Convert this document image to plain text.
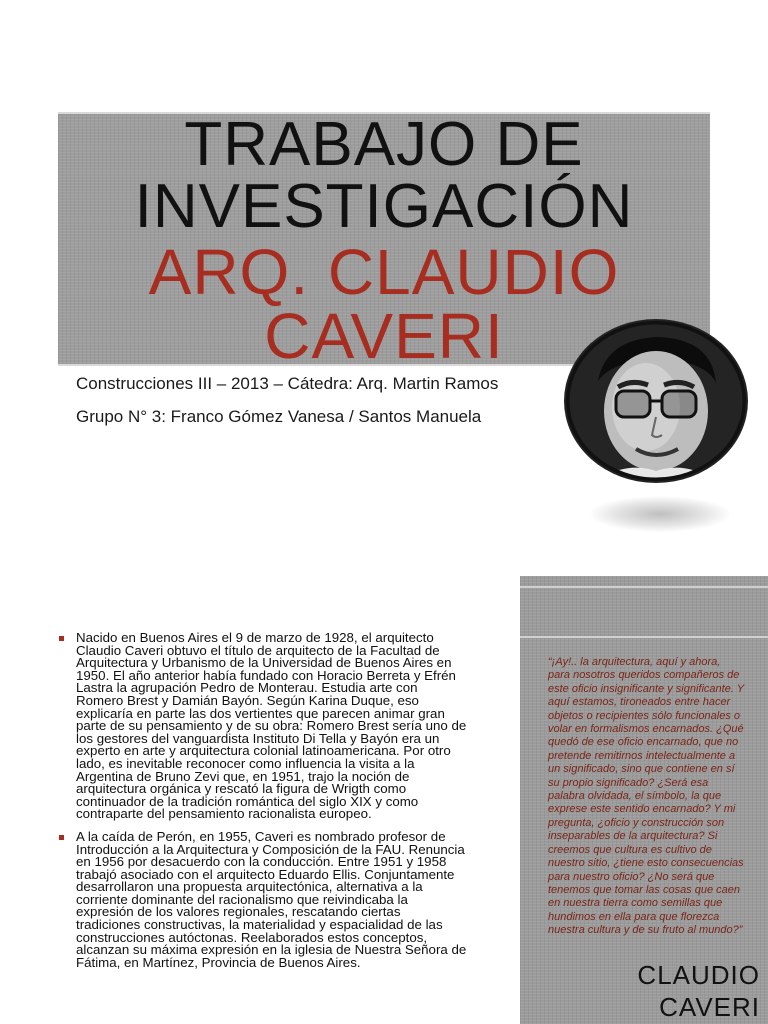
TRABAJO DE
INVESTIGACIÓN
ARQ. CLAUDIO
CAVERI

Construcciones III – 2013 – Cátedra: Arq. Martin Ramos

Grupo N° 3: Franco Gómez Vanesa / Santos Manuela

Nacido en Buenos Aires el 9 de marzo de 1928, el arquitecto Claudio Caveri obtuvo el título de arquitecto de la Facultad de Arquitectura y Urbanismo de la Universidad de Buenos Aires en 1950. El año anterior había fundado con Horacio Berreta y Efrén Lastra la agrupación Pedro de Monterau. Estudia arte con Romero Brest y Damián Bayón. Según Karina Duque, eso explicaría en parte las dos vertientes que parecen animar gran parte de su pensamiento y de su obra: Romero Brest sería uno de los gestores del vanguardista Instituto Di Tella y Bayón era un experto en arte y arquitectura colonial latinoamericana. Por otro lado, es inevitable reconocer como influencia la visita a la Argentina de Bruno Zevi que, en 1951, trajo la noción de arquitectura orgánica y rescató la figura de Wrigth como continuador de la tradición romántica del siglo XIX y como contraparte del pensamiento racionalista europeo.
A la caída de Perón, en 1955, Caveri es nombrado profesor de Introducción a la Arquitectura y Composición de la FAU. Renuncia en 1956 por desacuerdo con la conducción. Entre 1951 y 1958 trabajó asociado con el arquitecto Eduardo Ellis. Conjuntamente desarrollaron una propuesta arquitectónica, alternativa a la corriente dominante del racionalismo que reivindicaba la expresión de los valores regionales, rescatando ciertas tradiciones constructivas, la materialidad y espacialidad de las construcciones autóctonas. Reelaborados estos conceptos, alcanzan su máxima expresión en la iglesia de Nuestra Señora de Fátima, en Martínez, Provincia de Buenos Aires.

“¡Ay!.. la arquitectura, aquí y ahora, para nosotros queridos compañeros de este oficio insignificante y significante. Y aquí estamos, tironeados entre hacer objetos o recipientes sólo funcionales o volar en formalismos encarnados. ¿Qué quedó de ese oficio encarnado, que no pretende remitirnos intelectualmente a un significado, sino que contiene en sí su propio significado? ¿Será esa palabra olvidada, el símbolo, la que exprese este sentido encarnado? Y mi pregunta, ¿oficio y construcción son inseparables de la arquitectura? Si creemos que cultura es cultivo de nuestro sitio, ¿tiene esto consecuencias para nuestro oficio? ¿No será que tenemos que tomar las cosas que caen en nuestra tierra como semillas que hundimos en ella para que florezca nuestra cultura y de su fruto al mundo?”

CLAUDIO

CAVERI
